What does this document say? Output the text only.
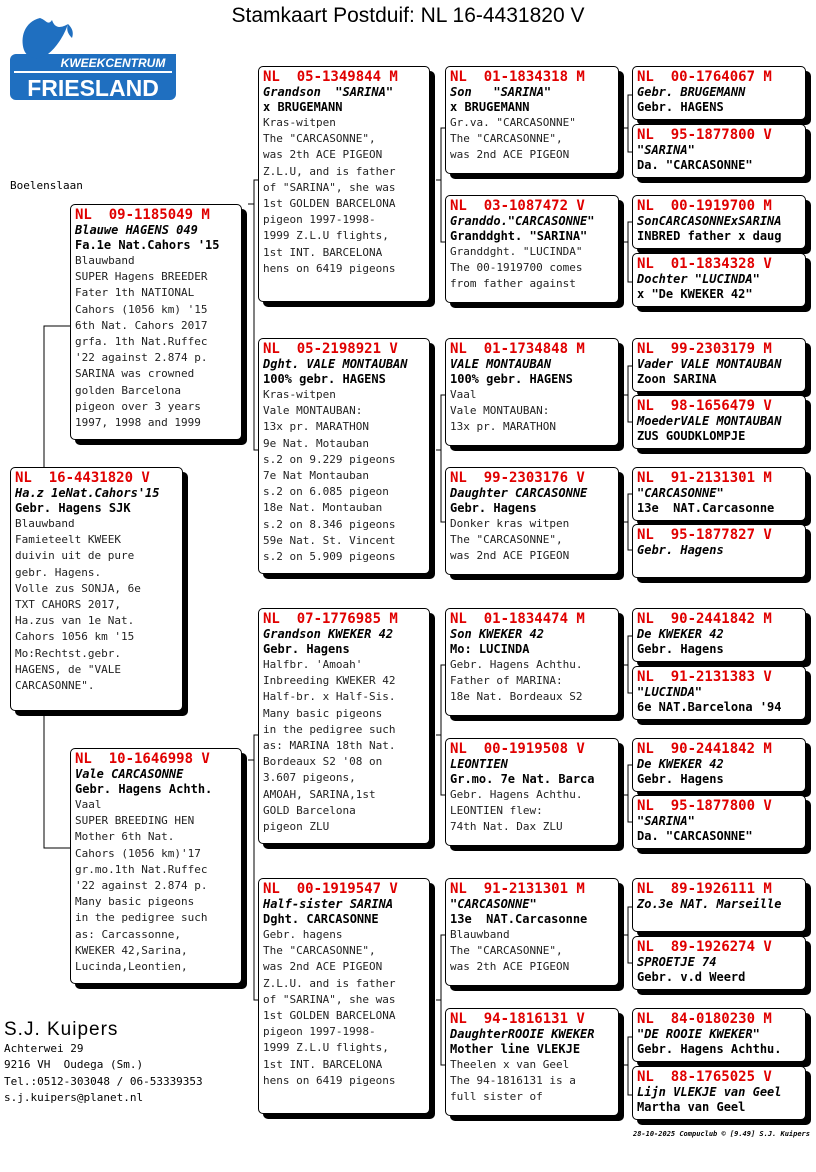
Stamkaart Postduif: NL 16-4431820 V
KWEEKCENTRUM
FRIESLAND
Boelenslaan
NL  16-4431820 V
Ha.z 1eNat.Cahors'15
Gebr. Hagens SJK
Blauwband
Famieteelt KWEEK
duivin uit de pure
gebr. Hagens.
Volle zus SONJA, 6e
TXT CAHORS 2017,
Ha.zus van 1e Nat.
Cahors 1056 km '15
Mo:Rechtst.gebr.
HAGENS, de "VALE
CARCASONNE".
NL  09-1185049 M
Blauwe HAGENS 049
Fa.1e Nat.Cahors '15
Blauwband
SUPER Hagens BREEDER
Fater 1th NATIONAL
Cahors (1056 km) '15
6th Nat. Cahors 2017
grfa. 1th Nat.Ruffec
'22 against 2.874 p.
SARINA was crowned
golden Barcelona
pigeon over 3 years
1997, 1998 and 1999
NL  10-1646998 V
Vale CARCASONNE
Gebr. Hagens Achth.
Vaal
SUPER BREEDING HEN
Mother 6th Nat.
Cahors (1056 km)'17
gr.mo.1th Nat.Ruffec
'22 against 2.874 p.
Many basic pigeons
in the pedigree such
as: Carcassonne,
KWEKER 42,Sarina,
Lucinda,Leontien,
NL  05-1349844 M
Grandson  "SARINA"
x BRUGEMANN
Kras-witpen
The "CARCASONNE",
was 2th ACE PIGEON
Z.L.U, and is father
of "SARINA", she was
1st GOLDEN BARCELONA
pigeon 1997-1998-
1999 Z.L.U flights,
1st INT. BARCELONA
hens on 6419 pigeons
NL  05-2198921 V
Dght. VALE MONTAUBAN
100% gebr. HAGENS
Kras-witpen
Vale MONTAUBAN:
13x pr. MARATHON
9e Nat. Motauban
s.2 on 9.229 pigeons
7e Nat Montauban
s.2 on 6.085 pigeon
18e Nat. Montauban
s.2 on 8.346 pigeons
59e Nat. St. Vincent
s.2 on 5.909 pigeons
NL  07-1776985 M
Grandson KWEKER 42
Gebr. Hagens
Halfbr. 'Amoah'
Inbreeding KWEKER 42
Half-br. x Half-Sis.
Many basic pigeons
in the pedigree such
as: MARINA 18th Nat.
Bordeaux S2 '08 on
3.607 pigeons,
AMOAH, SARINA,1st
GOLD Barcelona
pigeon ZLU
NL  00-1919547 V
Half-sister SARINA
Dght. CARCASONNE
Gebr. hagens
The "CARCASONNE",
was 2nd ACE PIGEON
Z.L.U. and is father
of "SARINA", she was
1st GOLDEN BARCELONA
pigeon 1997-1998-
1999 Z.L.U flights,
1st INT. BARCELONA
hens on 6419 pigeons
NL  01-1834318 M
Son   "SARINA"
x BRUGEMANN
Gr.va. "CARCASONNE"
The "CARCASONNE",
was 2nd ACE PIGEON
NL  03-1087472 V
Granddo."CARCASONNE"
Granddght. "SARINA"
Granddght. "LUCINDA"
The 00-1919700 comes
from father against
NL  01-1734848 M
VALE MONTAUBAN
100% gebr. HAGENS
Vaal
Vale MONTAUBAN:
13x pr. MARATHON
NL  99-2303176 V
Daughter CARCASONNE
Gebr. Hagens
Donker kras witpen
The "CARCASONNE",
was 2nd ACE PIGEON
NL  01-1834474 M
Son KWEKER 42
Mo: LUCINDA
Gebr. Hagens Achthu.
Father of MARINA:
18e Nat. Bordeaux S2
NL  00-1919508 V
LEONTIEN
Gr.mo. 7e Nat. Barca
Gebr. Hagens Achthu.
LEONTIEN flew:
74th Nat. Dax ZLU
NL  91-2131301 M
"CARCASONNE"
13e  NAT.Carcasonne
Blauwband
The "CARCASONNE",
was 2th ACE PIGEON
NL  94-1816131 V
DaughterROOIE KWEKER
Mother line VLEKJE
Theelen x van Geel
The 94-1816131 is a
full sister of
NL  00-1764067 M
Gebr. BRUGEMANN
Gebr. HAGENS
NL  95-1877800 V
"SARINA"
Da. "CARCASONNE"
NL  00-1919700 M
SonCARCASONNExSARINA
INBRED father x daug
NL  01-1834328 V
Dochter "LUCINDA"
x "De KWEKER 42"
NL  99-2303179 M
Vader VALE MONTAUBAN
Zoon SARINA
NL  98-1656479 V
MoederVALE MONTAUBAN
ZUS GOUDKLOMPJE
NL  91-2131301 M
"CARCASONNE"
13e  NAT.Carcasonne
NL  95-1877827 V
Gebr. Hagens
NL  90-2441842 M
De KWEKER 42
Gebr. Hagens
NL  91-2131383 V
"LUCINDA"
6e NAT.Barcelona '94
NL  90-2441842 M
De KWEKER 42
Gebr. Hagens
NL  95-1877800 V
"SARINA"
Da. "CARCASONNE"
NL  89-1926111 M
Zo.3e NAT. Marseille
NL  89-1926274 V
SPROETJE 74
Gebr. v.d Weerd
NL  84-0180230 M
"DE ROOIE KWEKER"
Gebr. Hagens Achthu.
NL  88-1765025 V
Lijn VLEKJE van Geel
Martha van Geel
S.J. Kuipers
Achterwei 29
9216 VH  Oudega (Sm.)
Tel.:0512-303048 / 06-53339353
s.j.kuipers@planet.nl
28-10-2025 Compuclub © [9.49] S.J. Kuipers
